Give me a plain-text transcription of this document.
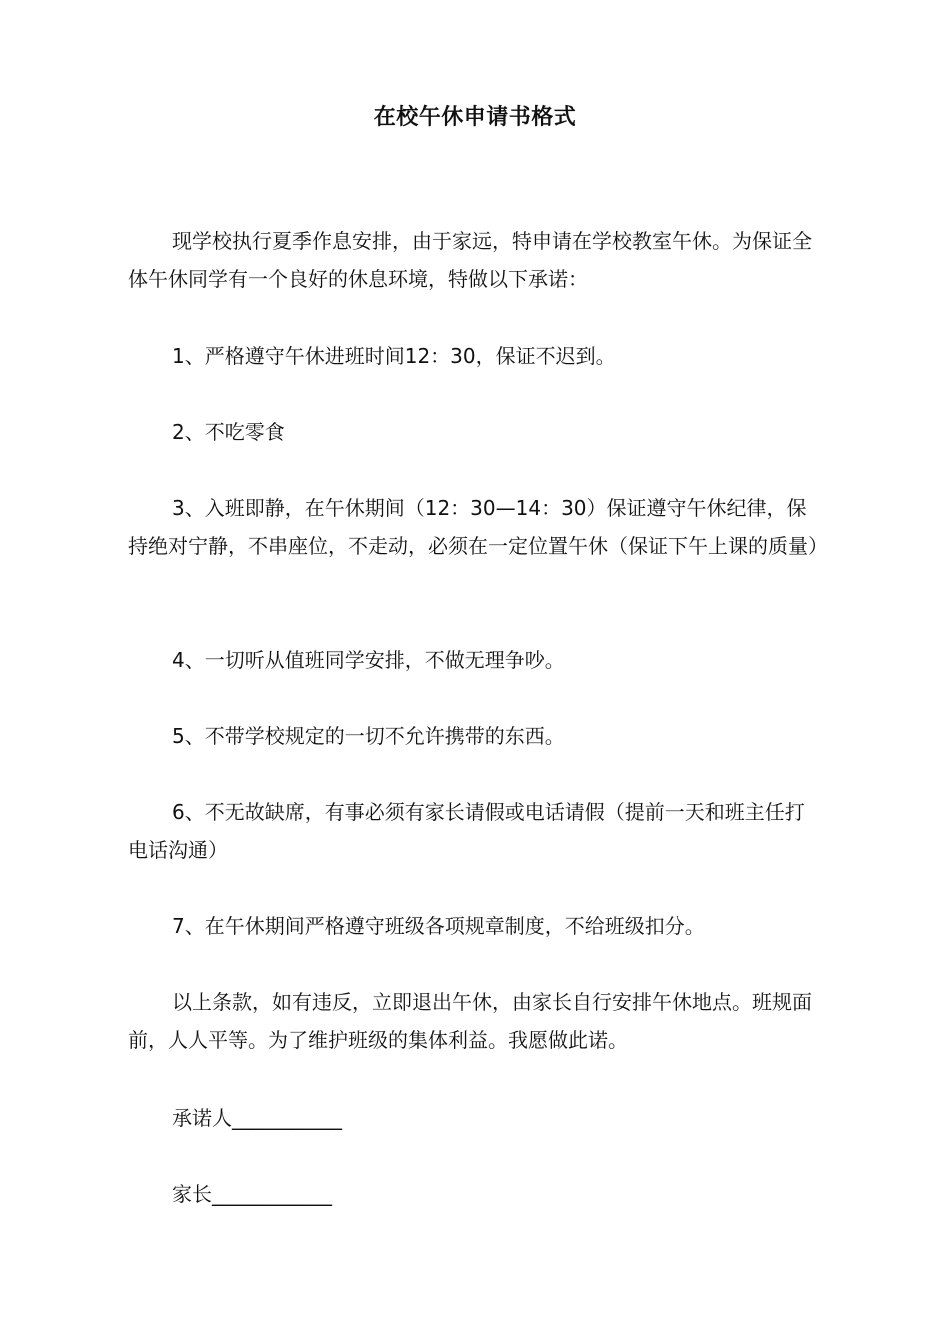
在校午休申请书格式

现学校执行夏季作息安排，由于家远，特申请在学校教室午休。为保证全体午休同学有一个良好的休息环境，特做以下承诺：

1、严格遵守午休进班时间12：30，保证不迟到。

2、不吃零食

3、入班即静，在午休期间（12：30—14：30）保证遵守午休纪律，保持绝对宁静，不串座位，不走动，必须在一定位置午休（保证下午上课的质量）

4、一切听从值班同学安排，不做无理争吵。

5、不带学校规定的一切不允许携带的东西。

6、不无故缺席，有事必须有家长请假或电话请假（提前一天和班主任打电话沟通）

7、在午休期间严格遵守班级各项规章制度，不给班级扣分。

以上条款，如有违反，立即退出午休，由家长自行安排午休地点。班规面前，人人平等。为了维护班级的集体利益。我愿做此诺。

承诺人___________

家长____________
